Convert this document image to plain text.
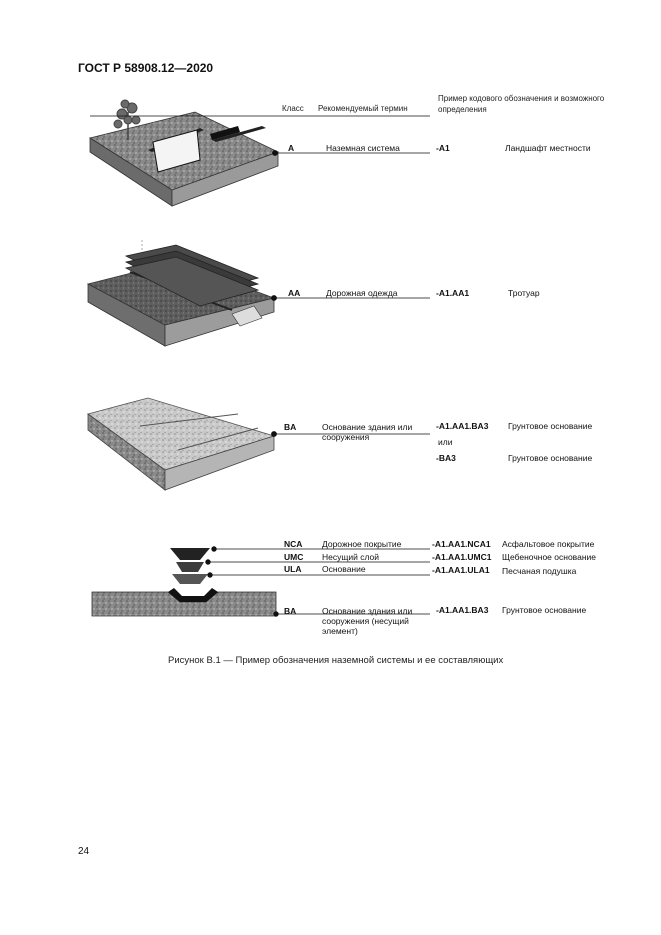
ГОСТ Р 58908.12—2020
Класс Рекомендуемый термин
Пример кодового обозначения и возможного определения
A	Наземная система	-A1	Ландшафт местности
AA	Дорожная одежда	-A1.AA1	Тротуар
BA	Основание здания или сооружения
-A1.AA1.BA3 Грунтовое основание
или
-BA3	Грунтовое основание
NCA Дорожное покрытие	-A1.AA1.NCA1 Асфальтовое покрытие
UMC Несущий слой	-A1.AA1.UMC1 Щебеночное основание
ULA Основание	-A1.AA1.ULA1 Песчаная подушка
BA	Основание здания или сооружения (несущий элемент)
-A1.AA1.BA3 Грунтовое основание
Рисунок В.1 — Пример обозначения наземной системы и ее составляющих
24
